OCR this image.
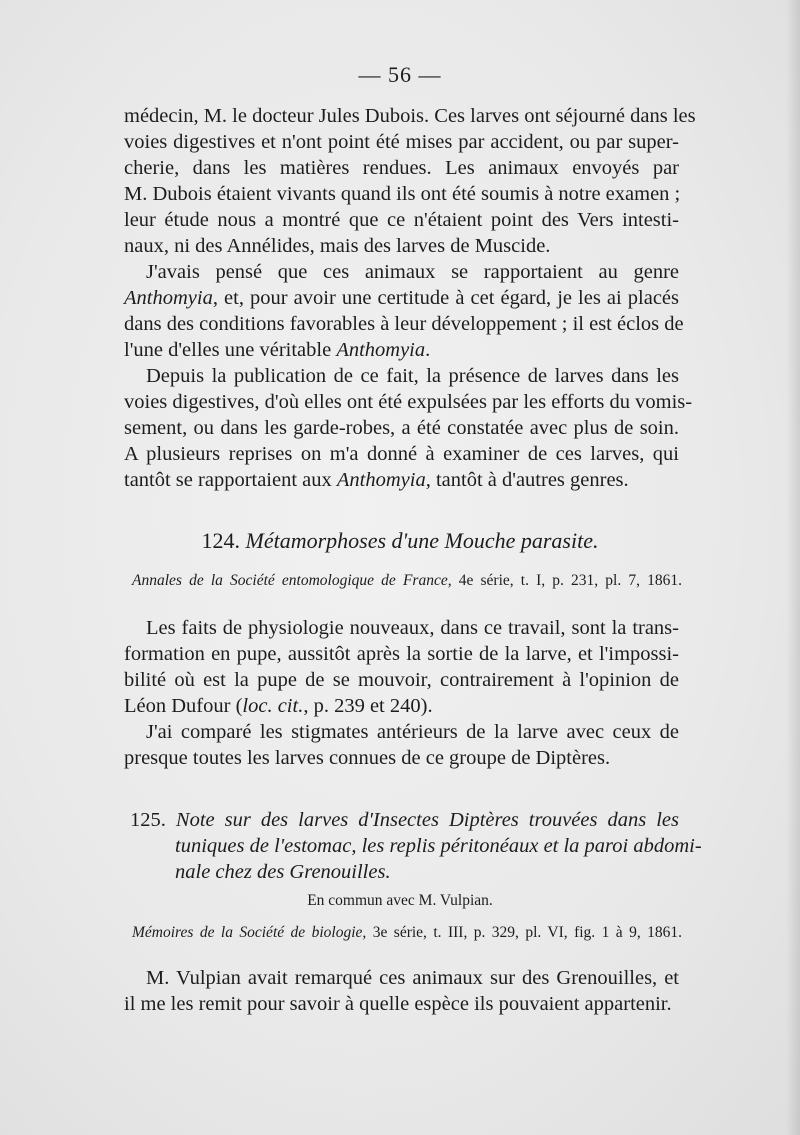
— 56 —
médecin, M. le docteur Jules Dubois. Ces larves ont séjourné dans les
voies digestives et n'ont point été mises par accident, ou par super-
cherie, dans les matières rendues. Les animaux envoyés par
M. Dubois étaient vivants quand ils ont été soumis à notre examen ;
leur étude nous a montré que ce n'étaient point des Vers intesti-
naux, ni des Annélides, mais des larves de Muscide.
J'avais pensé que ces animaux se rapportaient au genre
Anthomyia, et, pour avoir une certitude à cet égard, je les ai placés
dans des conditions favorables à leur développement ; il est éclos de
l'une d'elles une véritable Anthomyia.
Depuis la publication de ce fait, la présence de larves dans les
voies digestives, d'où elles ont été expulsées par les efforts du vomis-
sement, ou dans les garde-robes, a été constatée avec plus de soin.
A plusieurs reprises on m'a donné à examiner de ces larves, qui
tantôt se rapportaient aux Anthomyia, tantôt à d'autres genres.
124. Métamorphoses d'une Mouche parasite.
Annales de la Société entomologique de France, 4e série, t. I, p. 231, pl. 7, 1861.
Les faits de physiologie nouveaux, dans ce travail, sont la trans-
formation en pupe, aussitôt après la sortie de la larve, et l'impossi-
bilité où est la pupe de se mouvoir, contrairement à l'opinion de
Léon Dufour (loc. cit., p. 239 et 240).
J'ai comparé les stigmates antérieurs de la larve avec ceux de
presque toutes les larves connues de ce groupe de Diptères.
125. Note sur des larves d'Insectes Diptères trouvées dans les
tuniques de l'estomac, les replis péritonéaux et la paroi abdomi-
nale chez des Grenouilles.
En commun avec M. Vulpian.
Mémoires de la Société de biologie, 3e série, t. III, p. 329, pl. VI, fig. 1 à 9, 1861.
M. Vulpian avait remarqué ces animaux sur des Grenouilles, et
il me les remit pour savoir à quelle espèce ils pouvaient appartenir.
